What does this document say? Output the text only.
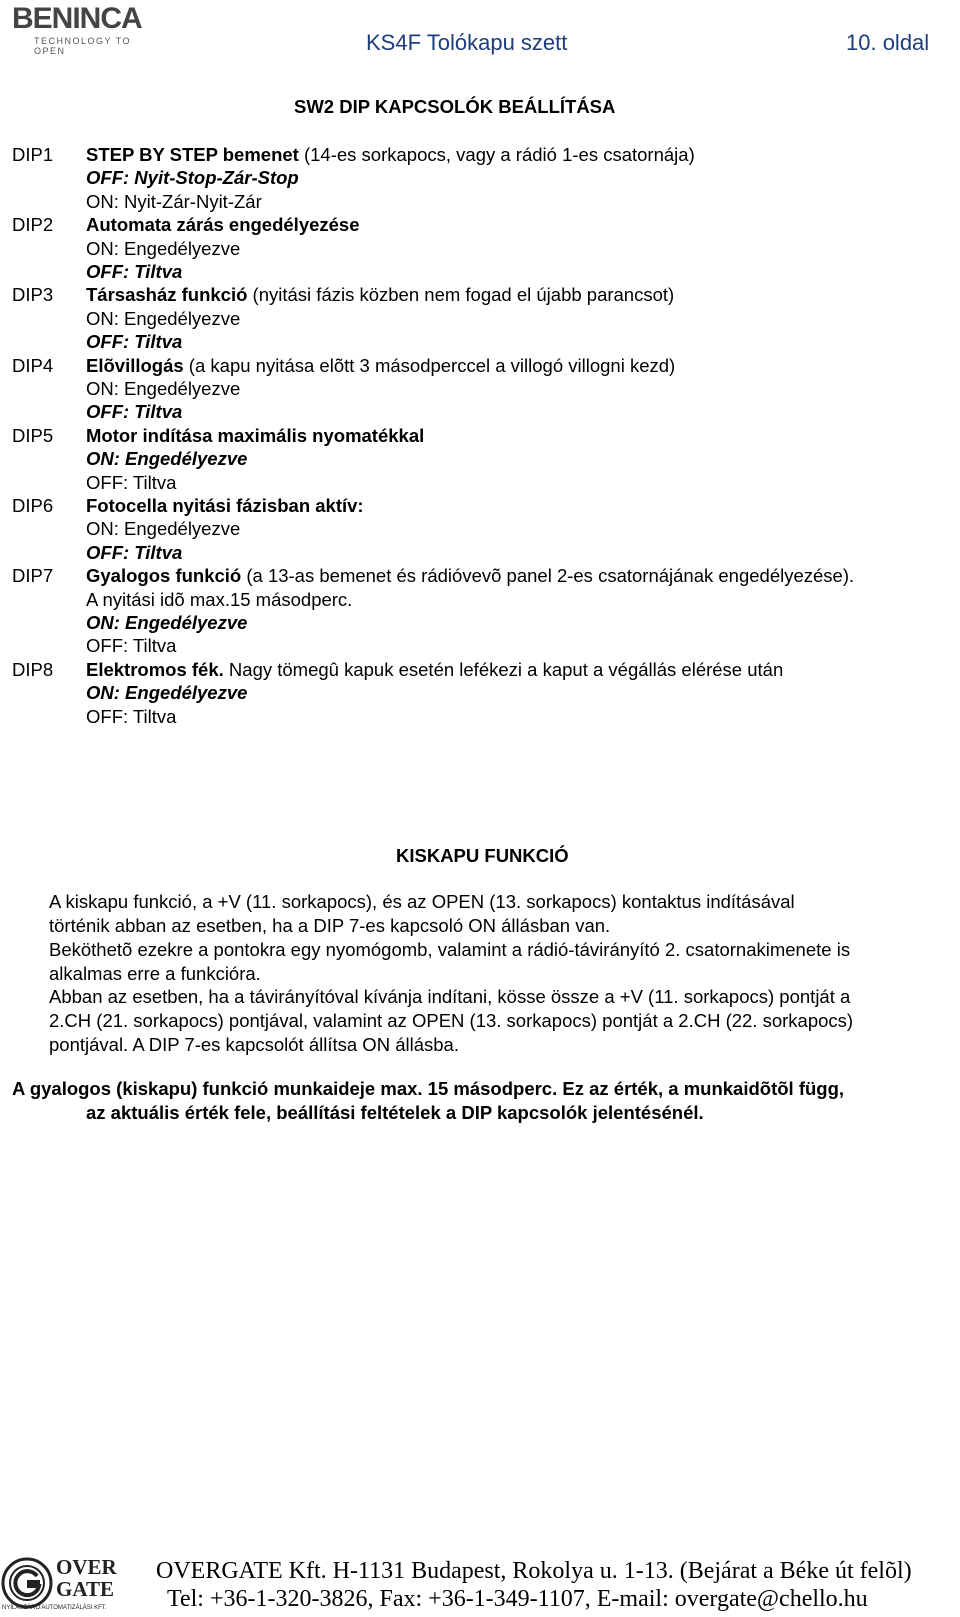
BENINCA
TECHNOLOGY TO OPEN	KS4F Tolókapu szett	10. oldal
SW2 DIP KAPCSOLÓK BEÁLLÍTÁSA
DIP1 STEP BY STEP bemenet (14-es sorkapocs, vagy a rádió 1-es csatornája)
OFF: Nyit-Stop-Zár-Stop
ON: Nyit-Zár-Nyit-Zár
DIP2 Automata zárás engedélyezése
ON: Engedélyezve
OFF: Tiltva
DIP3 Társasház funkció (nyitási fázis közben nem fogad el újabb parancsot)
ON: Engedélyezve
OFF: Tiltva
DIP4 Elõvillogás (a kapu nyitása elõtt 3 másodperccel a villogó villogni kezd)
ON: Engedélyezve
OFF: Tiltva
DIP5 Motor indítása maximális nyomatékkal
ON: Engedélyezve
OFF: Tiltva
DIP6 Fotocella nyitási fázisban aktív:
ON: Engedélyezve
OFF: Tiltva
DIP7 Gyalogos funkció (a 13-as bemenet és rádióvevõ panel 2-es csatornájának engedélyezése).
A nyitási idõ max.15 másodperc.
ON: Engedélyezve
OFF: Tiltva
DIP8 Elektromos fék. Nagy tömegû kapuk esetén lefékezi a kaput a végállás elérése után
ON: Engedélyezve
OFF: Tiltva
KISKAPU FUNKCIÓ
A kiskapu funkció, a +V (11. sorkapocs), és az OPEN (13. sorkapocs) kontaktus indításával
történik abban az esetben, ha a DIP 7-es kapcsoló ON állásban van.
Beköthetõ ezekre a pontokra egy nyomógomb, valamint a rádió-távirányító 2. csatornakimenete is
alkalmas erre a funkcióra.
Abban az esetben, ha a távirányítóval kívánja indítani, kösse össze a +V (11. sorkapocs) pontját a
2.CH (21. sorkapocs) pontjával, valamint az OPEN (13. sorkapocs) pontját a 2.CH (22. sorkapocs)
pontjával. A DIP 7-es kapcsolót állítsa ON állásba.
A gyalogos (kiskapu) funkció munkaideje max. 15 másodperc. Ez az érték, a munkaidõtõl függ,
az aktuális érték fele, beállítási feltételek a DIP kapcsolók jelentésénél.
OVER GATE
NYÍLÁSZÁRÓ AUTOMATIZÁLÁSI KFT.
OVERGATE Kft. H-1131 Budapest, Rokolya u. 1-13. (Bejárat a Béke út felõl)
Tel: +36-1-320-3826, Fax: +36-1-349-1107, E-mail: overgate@chello.hu
